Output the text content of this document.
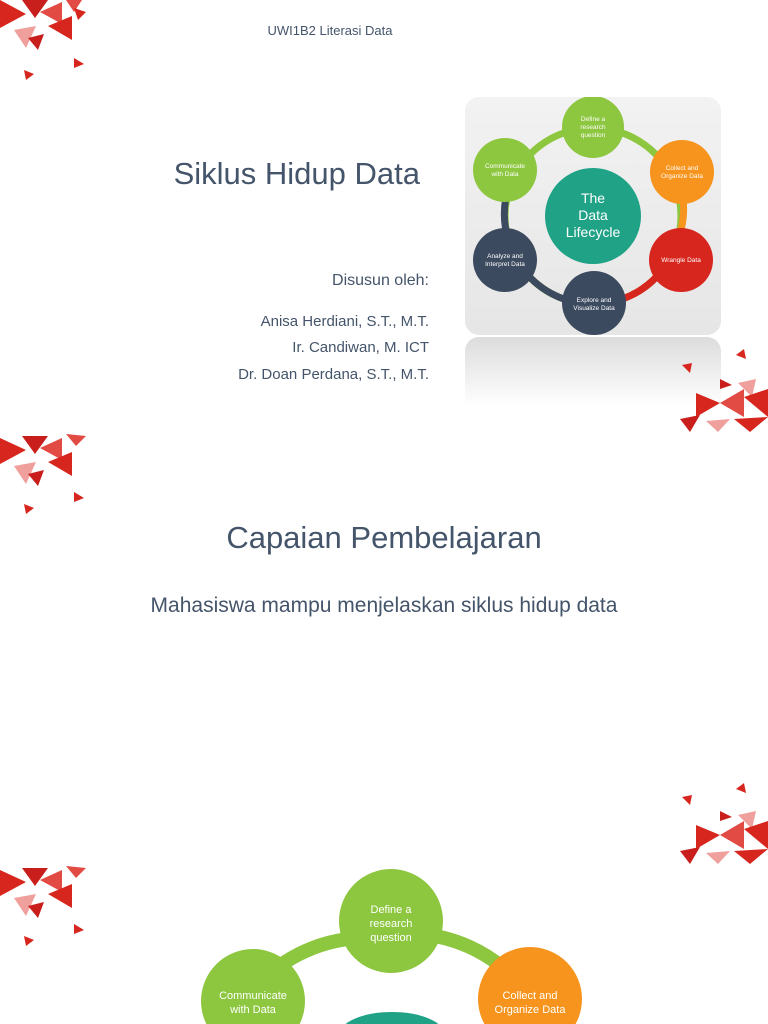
UWI1B2 Literasi Data
Siklus Hidup Data
Disusun oleh:
Anisa Herdiani, S.T., M.T.
Ir. Candiwan, M. ICT
Dr. Doan Perdana, S.T., M.T.
The
Data
Lifecycle
Define a
research
question
Collect and
Organize Data
Wrangle Data
Explore and
Visualize Data
Analyze and
Interpret Data
Communicate
with Data
Capaian Pembelajaran
Mahasiswa mampu menjelaskan siklus hidup data
Define a
research
question
Collect and
Organize Data
Communicate
with Data
